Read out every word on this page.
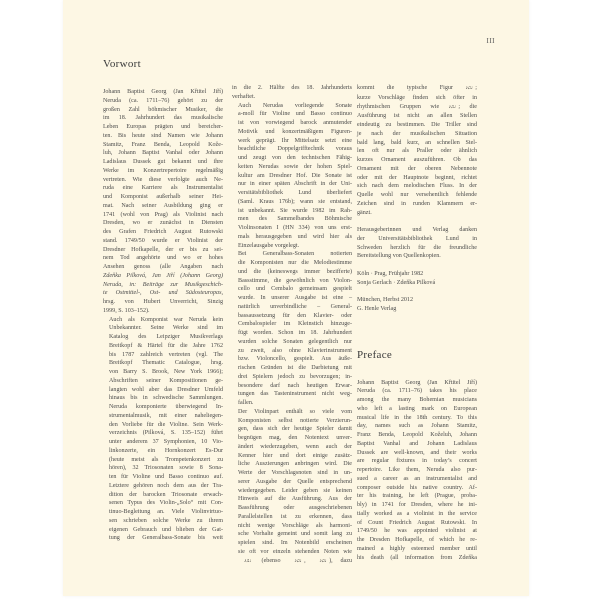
III
Vorwort

Johann Baptist Georg (Jan Křtitel Jiří)
Neruda (ca. 1711–76) gehört zu der
großen Zahl böhmischer Musiker, die
im 18. Jahrhundert das musikalische
Leben Europas prägten und bereicher-
ten. Bis heute sind Namen wie Johann
Stamitz, Franz Benda, Leopold Kože-
luh, Johann Baptist Vanhal oder Johann
Ladislaus Dussek gut bekannt und ihre
Werke im Konzertrepertoire regelmäßig
vertreten. Wie diese verfolgte auch Ne-
ruda eine Karriere als Instrumentalist
und Komponist außerhalb seiner Hei-
mat. Nach seiner Ausbildung ging er
1741 (wohl von Prag) als Violinist nach
Dresden, wo er zunächst in Diensten
des Grafen Friedrich August Rutowski
stand. 1749/50 wurde er Violinist der
Dresdner Hofkapelle, der er bis zu sei-
nem Tod angehörte und wo er hohes
Ansehen genoss (alle Angaben nach
Zdeňka Pilková, Jan Jiří (Johann Georg)
Neruda, in: Beiträge zur Musikgeschich-
te Ostmittel-, Ost- und Südosteuropas,
hrsg. von Hubert Unverricht, Sinzig
1999, S. 103–152).

Auch als Komponist war Neruda kein
Unbekannter. Seine Werke sind im
Katalog des Leipziger Musikverlags
Breitkopf & Härtel für die Jahre 1762
bis 1787 zahlreich vertreten (vgl. The
Breitkopf Thematic Catalogue, hrsg.
von Barry S. Brook, New York 1966);
Abschriften seiner Kompositionen ge-
langten wohl aber das Dresdner Umfeld
hinaus bis in schwedische Sammlungen.
Neruda komponierte überwiegend In-
strumentalmusik, mit einer naheliegen-
den Vorliebe für die Violine. Sein Werk-
verzeichnis (Pilková, S. 135–152) führt
unter anderem 37 Symphonien, 10 Vio-
linkonzerte, ein Hornkonzert Es-Dur
(heute meist als Trompetenkonzert zu
hören), 32 Triosonaten sowie 8 Sona-
ten für Violine und Basso continuo auf.
Letztere gehören noch dem aus der Tra-
dition der barocken Triosonate erwach-
senen Typus des Violin-„Solo“ mit Con-
tinuo-Begleitung an. Viele Violinvirtuo-
sen schrieben solche Werke zu ihrem
eigenen Gebrauch und blieben der Gat-
tung der Generalbass-Sonate bis weit

in die 2. Hälfte des 18. Jahrhunderts
verhaftet.

Auch Nerudas vorliegende Sonate
a-moll für Violine und Basso continuo
ist von vorwiegend barock anmutender
Motivik und konzertmäßigem Figuren-
werk geprägt. Ihr Mittelsatz setzt eine
beachtliche Doppelgrifftechnik voraus
und zeugt von den technischen Fähig-
keiten Nerudas sowie der hohen Spiel-
kultur am Dresdner Hof. Die Sonate ist
nur in einer späten Abschrift in der Uni-
versitätsbibliothek Lund überliefert
(Saml. Kraus 176b); wann sie entstand,
ist unbekannt. Sie wurde 1982 im Rah-
men des Sammelbandes Böhmische
Violinsonaten I (HN 334) von uns erst-
mals herausgegeben und wird hier als
Einzelausgabe vorgelegt.

Bei Generalbass-Sonaten notierten
die Komponisten nur die Melodiestimme
und die (keineswegs immer bezifferte)
Bassstimme, die gewöhnlich von Violon-
cello und Cembalo gemeinsam gespielt
wurde. In unserer Ausgabe ist eine –
natürlich unverbindliche – General-
bassaussetzung für den Klavier- oder
Cembalospieler im Kleinstich hinzuge-
fügt worden. Schon im 18. Jahrhundert
wurden solche Sonaten gelegentlich nur
zu zweit, also ohne Klavierinstrument
bzw. Violoncello, gespielt. Aus äuße-
rischen Gründen ist die Darbietung mit
drei Spielern jedoch zu bevorzugen; in-
besondere darf nach heutigen Erwar-
tungen das Tasteninstrument nicht weg-
fallen.

Der Violinpart enthält so viele vom
Komponisten selbst notierte Verzierun-
gen, dass sich der heutige Spieler damit
begnügen mag, den Notentext unver-
ändert wiederzugeben, wenn auch der
Kenner hier und dort einige zusätz-
liche Auszierungen anbringen wird. Die
Werte der Vorschlagsnoten sind in un-
serer Ausgabe der Quelle entsprechend
wiedergegeben. Leider geben sie keinen
Hinweis auf die Ausführung. Aus der
Bassführung oder ausgeschriebenen
Parallelstellen ist zu erkennen, dass
nicht wenige Vorschläge als harmoni-
sche Vorhalte gemeint und somit lang zu
spielen sind. Im Notenbild erscheinen
sie oft vor einzeln stehenden Noten wie
♪♫♩ (ebenso ♪♫♩, ♪♫♩), dazu

kommt die typische Figur ♪♫♩;
kurze Vorschläge finden sich öfter in
rhythmischen Gruppen wie ♪♫♩; die
Ausführung ist nicht an allen Stellen
eindeutig zu bestimmen. Die Triller sind
je nach der musikalischen Situation
bald lang, bald kurz, an schnellen Stel-
len oft nur als Praller oder ähnlich
kurzes Ornament auszuführen. Ob das
Ornament mit der oberen Nebennote
oder mit der Hauptnote beginnt, richtet
sich nach dem melodischen Fluss. In der
Quelle wohl nur versehentlich fehlende
Zeichen sind in runden Klammern er-
gänzt.

Herausgeberinnen und Verlag danken
der Universitätsbibliothek Lund in
Schweden herzlich für die freundliche
Bereitstellung von Quellenkopien.

Köln · Prag, Frühjahr 1982
Sonja Gerlach · Zdeňka Pilková

München, Herbst 2012
G. Henle Verlag

Preface

Johann Baptist Georg (Jan Křtitel Jiří)
Neruda (ca. 1711–76) takes his place
among the many Bohemian musicians
who left a lasting mark on European
musical life in the 18th century. To this
day, names such as Johann Stamitz,
Franz Benda, Leopold Koželuh, Johann
Baptist Vanhal and Johann Ladislaus
Dussek are well-known, and their works
are regular fixtures in today’s concert
repertoire. Like them, Neruda also pur-
sued a career as an instrumentalist and
composer outside his native country. Af-
ter his training, he left (Prague, proba-
bly) in 1741 for Dresden, where he ini-
tially worked as a violinist in the service
of Count Friedrich August Rutowski. In
1749/50 he was appointed violinist at
the Dresden Hofkapelle, of which he re-
mained a highly esteemed member until
his death (all information from Zdeňka
